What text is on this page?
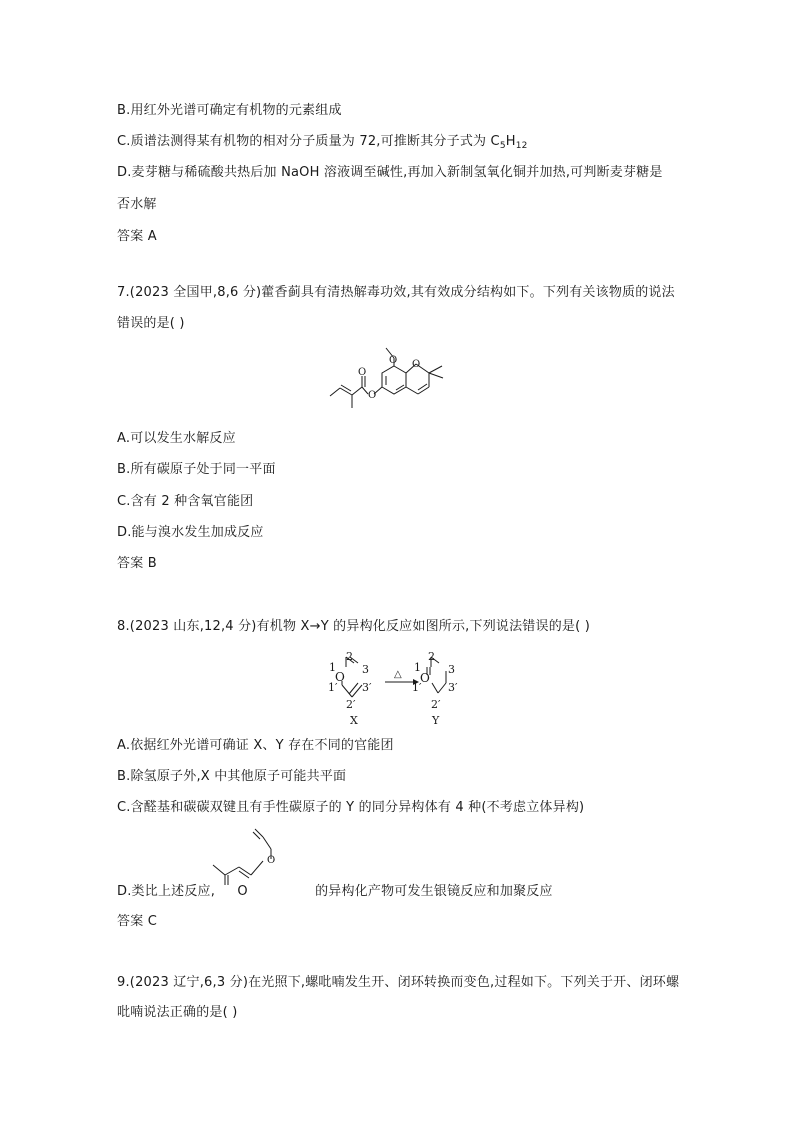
B.用红外光谱可确定有机物的元素组成
C.质谱法测得某有机物的相对分子质量为 72,可推断其分子式为 $C_5H_{12}$
D.麦芽糖与稀硫酸共热后加 NaOH 溶液调至碱性,再加入新制氢氧化铜并加热,可判断麦芽糖是
否水解
答案 A
7.(2023 全国甲,8,6 分)藿香蓟具有清热解毒功效,其有效成分结构如下。下列有关该物质的说法
错误的是( )
O O
O
O
A.可以发生水解反应
B.所有碳原子处于同一平面
C.含有 2 种含氧官能团
D.能与溴水发生加成反应
答案 B
8.(2023 山东,12,4 分)有机物 X→Y 的异构化反应如图所示,下列说法错误的是( )
O
2
1 3
1′ 3′
2′
X
△ O
2
1 3
1′ 3′
2′
Y
A.依据红外光谱可确证 X、Y 存在不同的官能团
B.除氢原子外,X 中其他原子可能共平面
C.含醛基和碳碳双键且有手性碳原子的 Y 的同分异构体有 4 种(不考虑立体异构)
O
D.类比上述反应, O	的异构化产物可发生银镜反应和加聚反应
答案 C
9.(2023 辽宁,6,3 分)在光照下,螺吡喃发生开、闭环转换而变色,过程如下。下列关于开、闭环螺
吡喃说法正确的是( )
